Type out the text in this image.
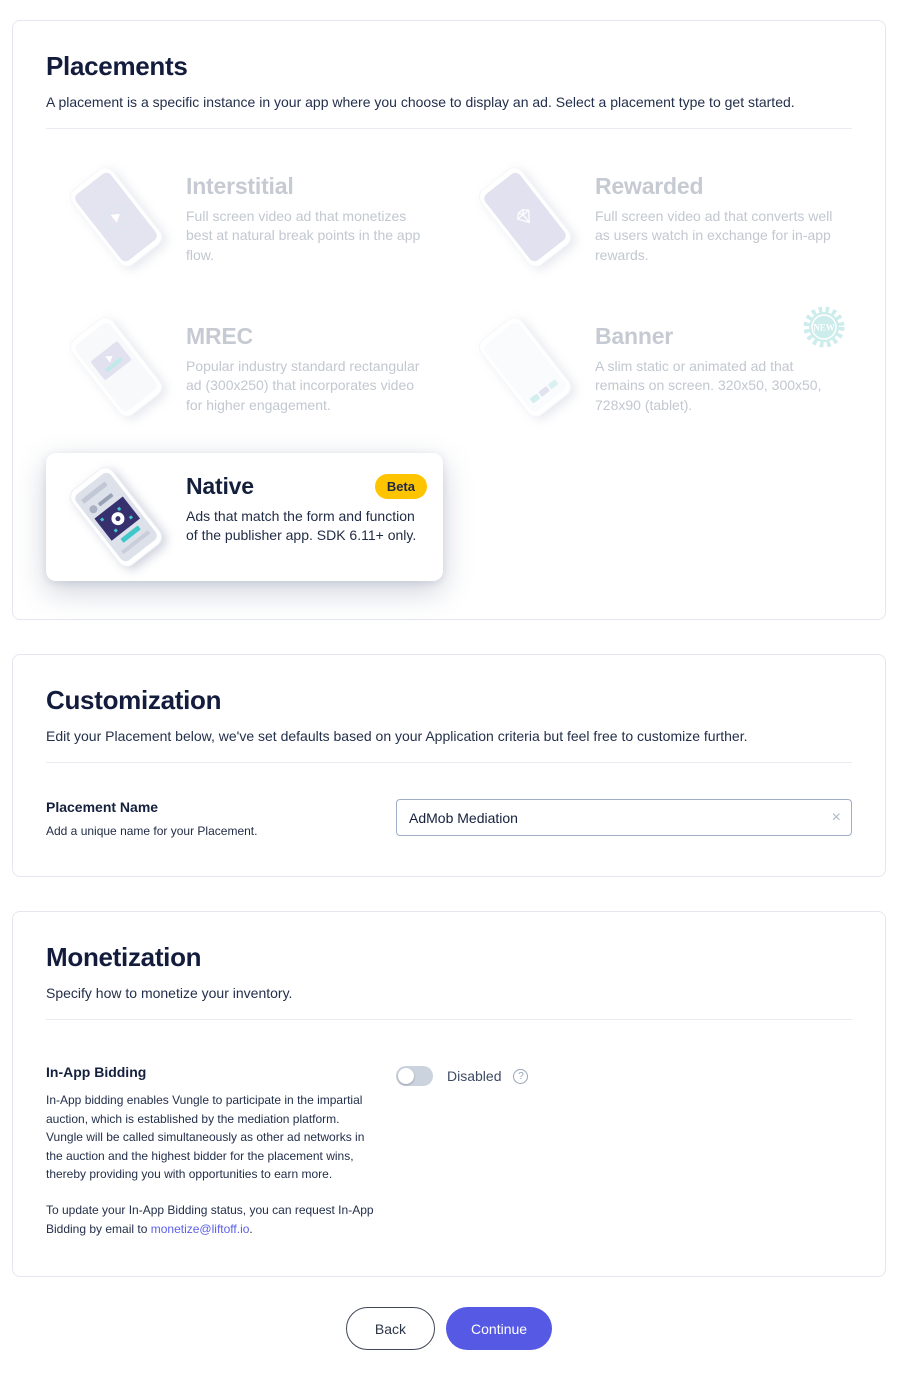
Placements

A placement is a specific instance in your app where you choose to display an ad. Select a placement type to get started.

Interstitial
Full screen video ad that monetizes best at natural break points in the app flow.
Rewarded
Full screen video ad that converts well as users watch in exchange for in-app rewards.
MREC
Popular industry standard rectangular ad (300x250) that incorporates video for higher engagement.
Banner
A slim static or animated ad that remains on screen. 320x50, 300x50, 728x90 (tablet).
NEW
Native	Beta
Ads that match the form and function of the publisher app. SDK 6.11+ only.
Customization

Edit your Placement below, we've set defaults based on your Application criteria but feel free to customize further.

Placement Name
Add a unique name for your Placement.
AdMob Mediation
×
Monetization

Specify how to monetize your inventory.

In-App Bidding

In-App bidding enables Vungle to participate in the impartial auction, which is established by the mediation platform. Vungle will be called simultaneously as other ad networks in the auction and the highest bidder for the placement wins, thereby providing you with opportunities to earn more.

To update your In-App Bidding status, you can request In-App Bidding by email to monetize@liftoff.io.

Disabled	?
Back	Continue
